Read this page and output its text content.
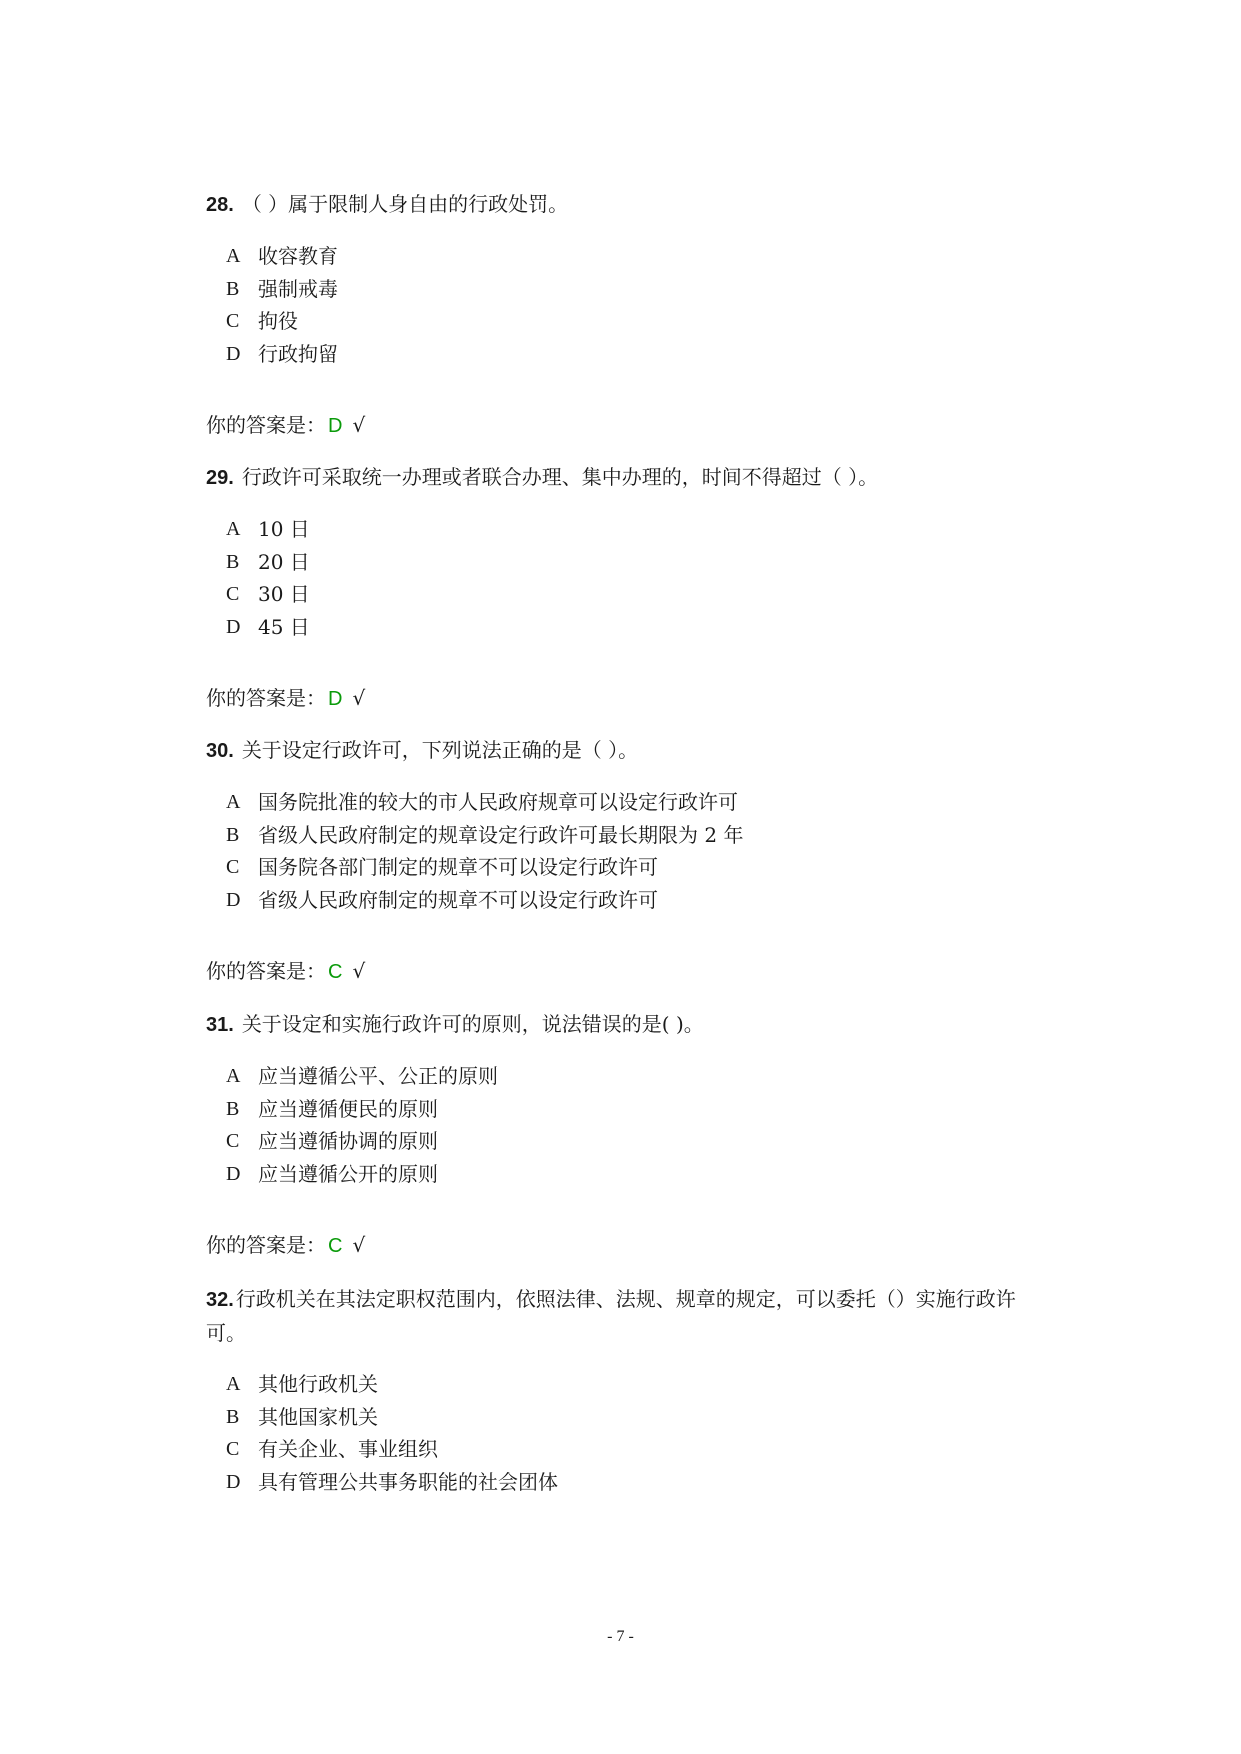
28. （ ）属于限制人身自由的行政处罚。

A 收容教育
B 强制戒毒
C 拘役
D 行政拘留
你的答案是： D √

29. 行政许可采取统一办理或者联合办理、集中办理的，时间不得超过（ ）。

A 10 日
B 20 日
C 30 日
D 45 日
你的答案是： D √

30. 关于设定行政许可，下列说法正确的是（ ）。

A 国务院批准的较大的市人民政府规章可以设定行政许可
B 省级人民政府制定的规章设定行政许可最长期限为 2 年
C 国务院各部门制定的规章不可以设定行政许可
D 省级人民政府制定的规章不可以设定行政许可
你的答案是： C √

31. 关于设定和实施行政许可的原则，说法错误的是( )。

A 应当遵循公平、公正的原则
B 应当遵循便民的原则
C 应当遵循协调的原则
D 应当遵循公开的原则
你的答案是： C √

32. 行政机关在其法定职权范围内，依照法律、法规、规章的规定，可以委托（）实施行政许可。

A 其他行政机关
B 其他国家机关
C 有关企业、事业组织
D 具有管理公共事务职能的社会团体
- 7 -
